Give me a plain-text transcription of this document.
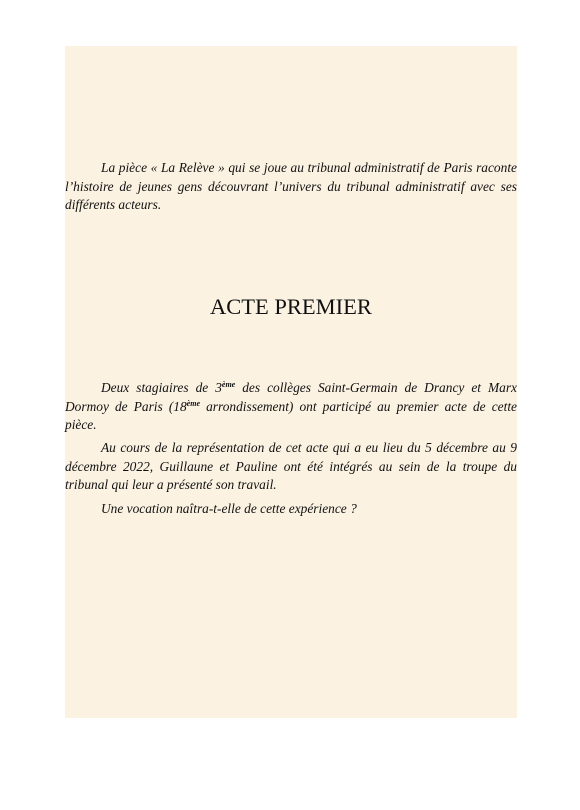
La pièce « La Relève » qui se joue au tribunal administratif de Paris raconte l’histoire de jeunes gens découvrant l’univers du tribunal administratif avec ses différents acteurs.

ACTE PREMIER

Deux stagiaires de 3ème des collèges Saint-Germain de Drancy et Marx Dormoy de Paris (18ème arrondissement) ont participé au premier acte de cette pièce.

Au cours de la représentation de cet acte qui a eu lieu du 5 décembre au 9 décembre 2022, Guillaune et Pauline ont été intégrés au sein de la troupe du tribunal qui leur a présenté son travail.

Une vocation naîtra-t-elle de cette expérience ?
